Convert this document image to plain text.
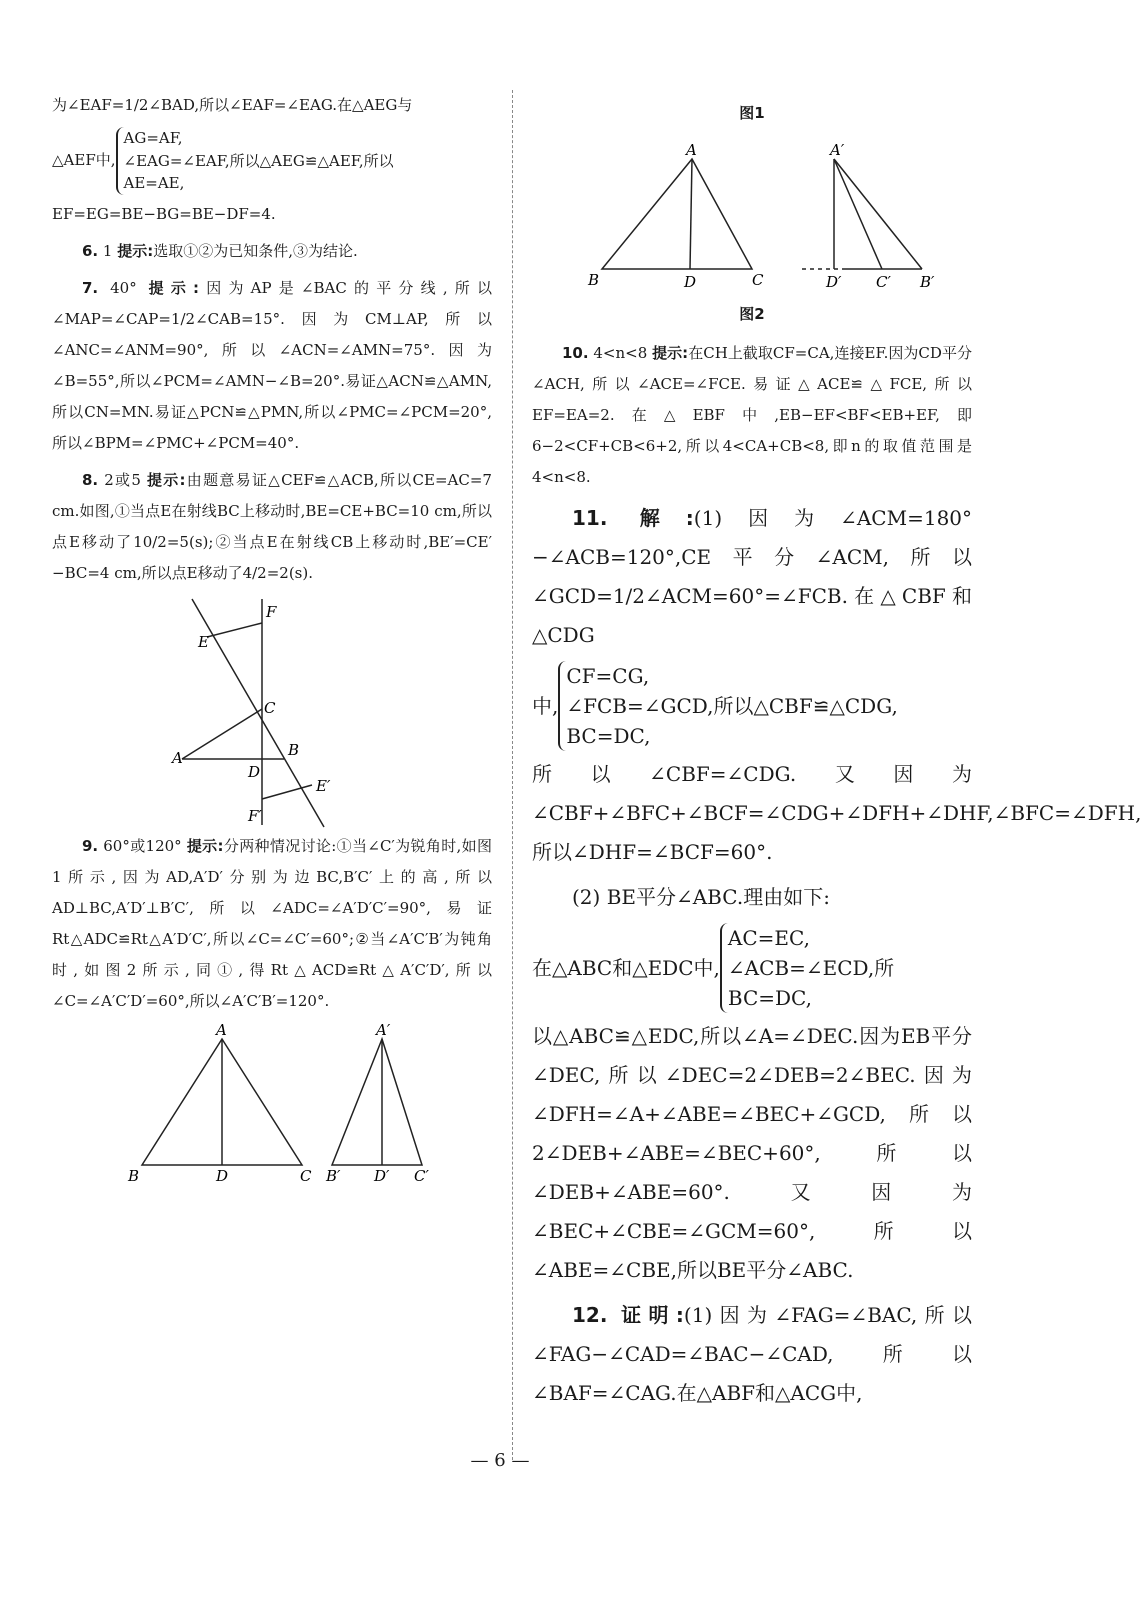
为∠EAF=1/2∠BAD,所以∠EAF=∠EAG.在△AEG与

△AEF中,
AG=AF,
∠EAG=∠EAF,所以△AEG≌△AEF,所以
AE=AE,

EF=EG=BE−BG=BE−DF=4.

6. 1 提示:选取①②为已知条件,③为结论.

7. 40° 提示:因为AP是∠BAC的平分线,所以∠MAP=∠CAP=1/2∠CAB=15°.因为CM⊥AP,所以∠ANC=∠ANM=90°,所以∠ACN=∠AMN=75°.因为∠B=55°,所以∠PCM=∠AMN−∠B=20°.易证△ACN≌△AMN,所以CN=MN.易证△PCN≌△PMN,所以∠PMC=∠PCM=20°,所以∠BPM=∠PMC+∠PCM=40°.

8. 2或5 提示:由题意易证△CEF≌△ACB,所以CE=AC=7 cm.如图,①当点E在射线BC上移动时,BE=CE+BC=10 cm,所以点E移动了10/2=5(s);②当点E在射线CB上移动时,BE′=CE′−BC=4 cm,所以点E移动了4/2=2(s).

F
E
C
A	B
D
E′
F′

9. 60°或120° 提示:分两种情况讨论:①当∠C′为锐角时,如图1所示,因为AD,A′D′分别为边BC,B′C′上的高,所以AD⊥BC,A′D′⊥B′C′,所以∠ADC=∠A′D′C′=90°,易证Rt△ADC≌Rt△A′D′C′,所以∠C=∠C′=60°;②当∠A′C′B′为钝角时,如图2所示,同①,得Rt△ACD≌Rt△A′C′D′,所以∠C=∠A′C′D′=60°,所以∠A′C′B′=120°.

A
B	D	C
A′
B′ D′ C′
图1
A
B	D	C
A′
D′ C′ B′
图2

10. 4<n<8 提示:在CH上截取CF=CA,连接EF.因为CD平分∠ACH,所以∠ACE=∠FCE.易证△ACE≌△FCE,所以EF=EA=2.在△EBF中,EB−EF<BF<EB+EF,即6−2<CF+CB<6+2,所以4<CA+CB<8,即n的取值范围是4<n<8.

11. 解:(1)因为∠ACM=180°−∠ACB=120°,CE平分∠ACM,所以∠GCD=1/2∠ACM=60°=∠FCB.在△CBF和△CDG

中,
CF=CG,
∠FCB=∠GCD,所以△CBF≌△CDG,
BC=DC,

所以∠CBF=∠CDG.又因为∠CBF+∠BFC+∠BCF=∠CDG+∠DFH+∠DHF,∠BFC=∠DFH,所以∠DHF=∠BCF=60°.

(2) BE平分∠ABC.理由如下:

在△ABC和△EDC中,
AC=EC,
∠ACB=∠ECD,所
BC=DC,

以△ABC≌△EDC,所以∠A=∠DEC.因为EB平分∠DEC,所以∠DEC=2∠DEB=2∠BEC.因为∠DFH=∠A+∠ABE=∠BEC+∠GCD,所以2∠DEB+∠ABE=∠BEC+60°,所以∠DEB+∠ABE=60°.又因为∠BEC+∠CBE=∠GCM=60°,所以∠ABE=∠CBE,所以BE平分∠ABC.

12. 证明:(1)因为∠FAG=∠BAC,所以∠FAG−∠CAD=∠BAC−∠CAD,所以∠BAF=∠CAG.在△ABF和△ACG中,

— 6 —
